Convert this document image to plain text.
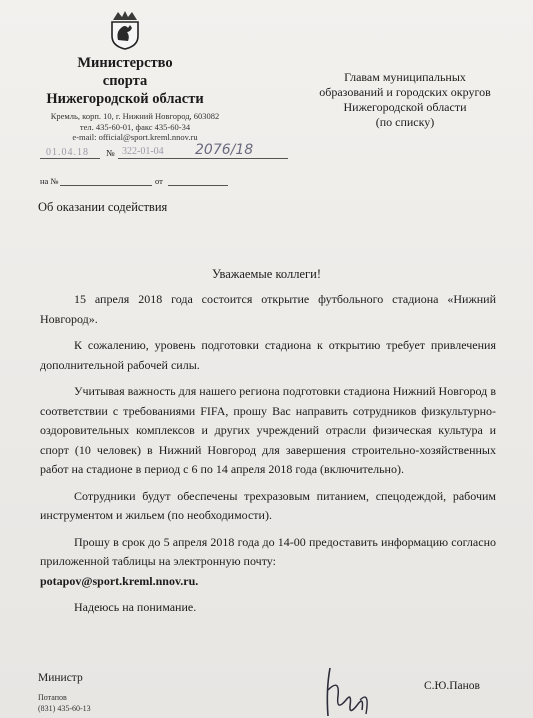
Министерство
спорта
Нижегородской области
Кремль, корп. 10, г. Нижний Новгород, 603082
тел. 435-60-01, факс 435-60-34
e-mail: official@sport.kreml.nnov.ru
01.04.18 № 322-01-04 2076/18
на №	от
Об оказании содействия
Главам муниципальных
образований и городских округов
Нижегородской области
(по списку)
Уважаемые коллеги!

15 апреля 2018 года состоится открытие футбольного стадиона «Нижний Новгород».

К сожалению, уровень подготовки стадиона к открытию требует привлечения дополнительной рабочей силы.

Учитывая важность для нашего региона подготовки стадиона Нижний Новгород в соответствии с требованиями FIFA, прошу Вас направить сотрудников физкультурно-оздоровительных комплексов и других учреждений отрасли физическая культура и спорт (10 человек) в Нижний Новгород для завершения строительно-хозяйственных работ на стадионе в период с 6 по 14 апреля 2018 года (включительно).

Сотрудники будут обеспечены трехразовым питанием, спецодеждой, рабочим инструментом и жильем (по необходимости).

Прошу в срок до 5 апреля 2018 года до 14-00 предоставить информацию согласно приложенной таблицы на электронную почту:

potapov@sport.kreml.nnov.ru.

Надеюсь на понимание.

Министр
С.Ю.Панов
Потапов
(831) 435-60-13
